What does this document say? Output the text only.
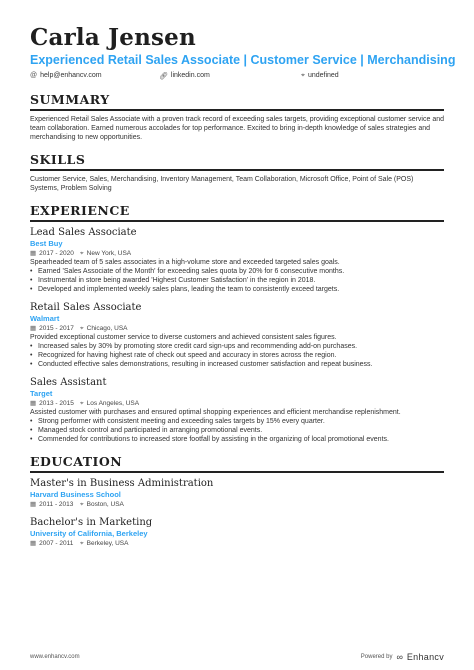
Carla Jensen
Experienced Retail Sales Associate | Customer Service | Merchandising
@ help@enhancv.com	🔗︎ linkedin.com	⌖ undefined
SUMMARY
Experienced Retail Sales Associate with a proven track record of exceeding sales targets, providing exceptional customer service and team collaboration. Earned numerous accolades for top performance. Excited to bring in-depth knowledge of sales strategies and merchandising to new opportunities.
SKILLS
Customer Service, Sales, Merchandising, Inventory Management, Team Collaboration, Microsoft Office, Point of Sale (POS) Systems, Problem Solving
EXPERIENCE
Lead Sales Associate
Best Buy
▦ 2017 - 2020 ⌖ New York, USA
Spearheaded team of 5 sales associates in a high-volume store and exceeded targeted sales goals.
• Earned 'Sales Associate of the Month' for exceeding sales quota by 20% for 6 consecutive months.
• Instrumental in store being awarded 'Highest Customer Satisfaction' in the region in 2018.
• Developed and implemented weekly sales plans, leading the team to consistently exceed targets.
Retail Sales Associate
Walmart
▦ 2015 - 2017 ⌖ Chicago, USA
Provided exceptional customer service to diverse customers and achieved consistent sales figures.
• Increased sales by 30% by promoting store credit card sign-ups and recommending add-on purchases.
• Recognized for having highest rate of check out speed and accuracy in stores across the region.
• Conducted effective sales demonstrations, resulting in increased customer satisfaction and repeat business.
Sales Assistant
Target
▦ 2013 - 2015 ⌖ Los Angeles, USA
Assisted customer with purchases and ensured optimal shopping experiences and efficient merchandise replenishment.
• Strong performer with consistent meeting and exceeding sales targets by 15% every quarter.
• Managed stock control and participated in arranging promotional events.
• Commended for contributions to increased store footfall by assisting in the organizing of local promotional events.
EDUCATION
Master's in Business Administration
Harvard Business School
▦ 2011 - 2013 ⌖ Boston, USA
Bachelor's in Marketing
University of California, Berkeley
▦ 2007 - 2011 ⌖ Berkeley, USA
www.enhancv.com	Powered by ∞ Enhancv
